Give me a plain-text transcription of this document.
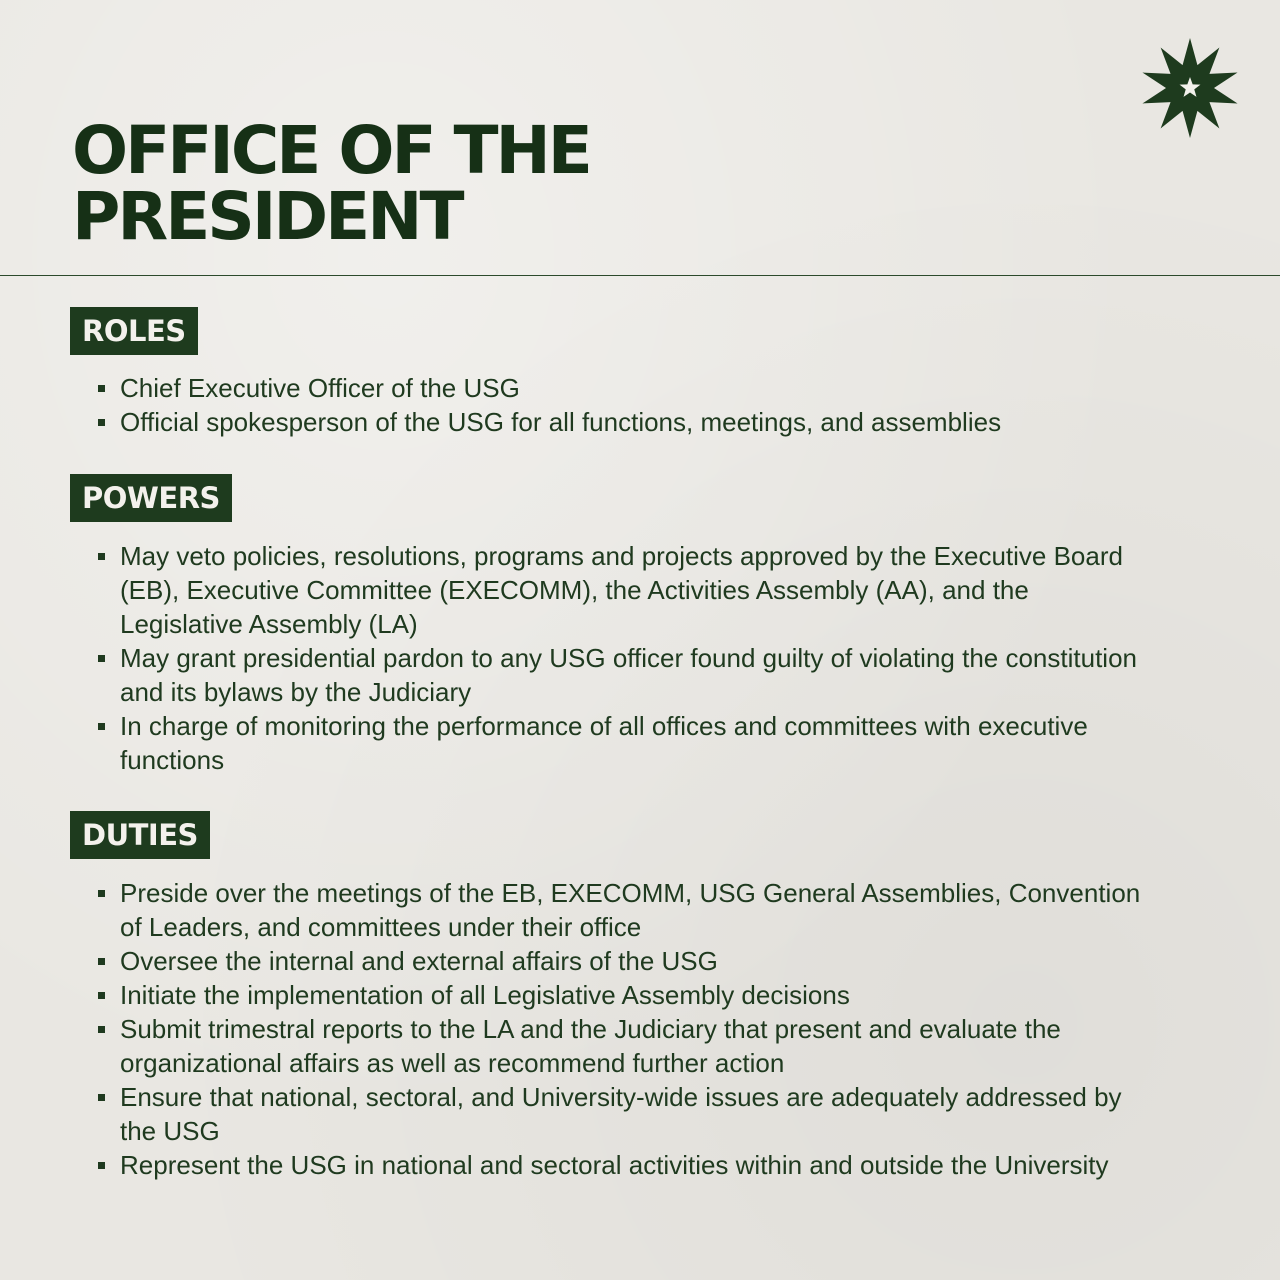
OFFICE OF THE
PRESIDENT
ROLES
Chief Executive Officer of the USG
Official spokesperson of the USG for all functions, meetings, and assemblies
POWERS
May veto policies, resolutions, programs and projects approved by the Executive Board (EB), Executive Committee (EXECOMM), the Activities Assembly (AA), and the Legislative Assembly (LA)
May grant presidential pardon to any USG officer found guilty of violating the constitution and its bylaws by the Judiciary
In charge of monitoring the performance of all offices and committees with executive functions
DUTIES
Preside over the meetings of the EB, EXECOMM, USG General Assemblies, Convention of Leaders, and committees under their office
Oversee the internal and external affairs of the USG
Initiate the implementation of all Legislative Assembly decisions
Submit trimestral reports to the LA and the Judiciary that present and evaluate the organizational affairs as well as recommend further action
Ensure that national, sectoral, and University-wide issues are adequately addressed by the USG
Represent the USG in national and sectoral activities within and outside the University
